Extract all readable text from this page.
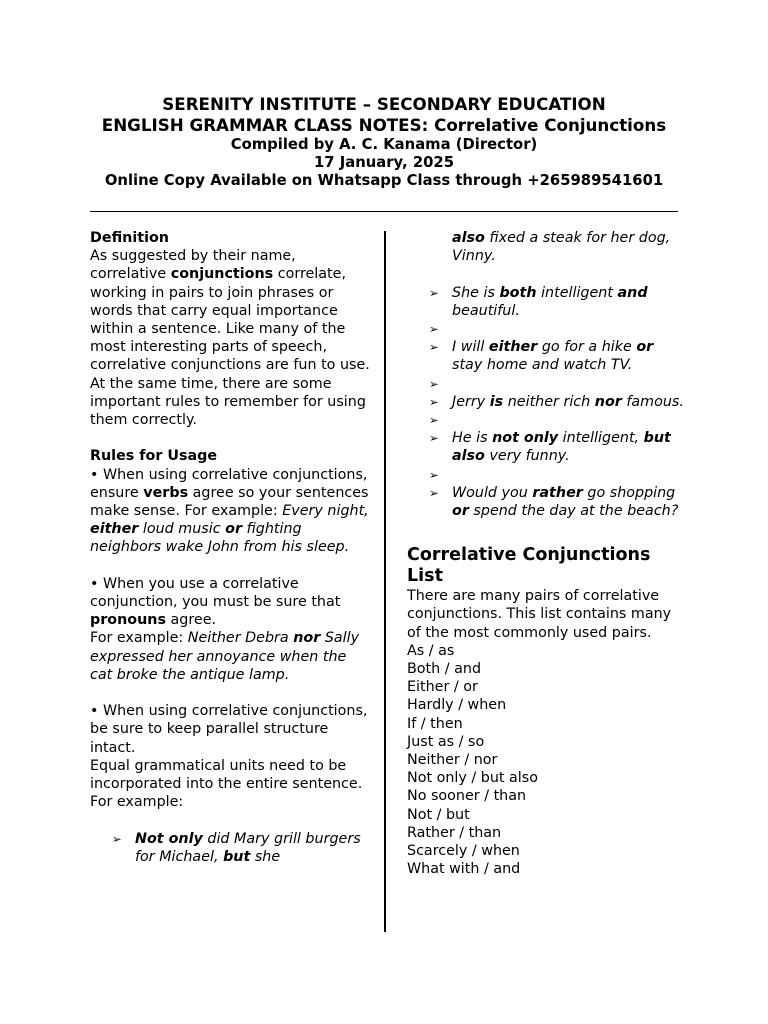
SERENITY INSTITUTE – SECONDARY EDUCATION
ENGLISH GRAMMAR CLASS NOTES: Correlative Conjunctions
Compiled by A. C. Kanama (Director)
17 January, 2025
Online Copy Available on Whatsapp Class through +265989541601
Definition

As suggested by their name, correlative conjunctions correlate, working in pairs to join phrases or words that carry equal importance within a sentence. Like many of the most interesting parts of speech, correlative conjunctions are fun to use. At the same time, there are some important rules to remember for using them correctly.

Rules for Usage

• When using correlative conjunctions, ensure verbs agree so your sentences make sense. For example: Every night, either loud music or fighting neighbors wake John from his sleep.

• When you use a correlative conjunction, you must be sure that pronouns agree.

For example: Neither Debra nor Sally expressed her annoyance when the cat broke the antique lamp.

• When using correlative conjunctions, be sure to keep parallel structure intact.

Equal grammatical units need to be incorporated into the entire sentence. For example:

➢ Not only did Mary grill burgers for Michael, but she
also fixed a steak for her dog, Vinny.
➢ She is both intelligent and beautiful.
➢
➢ I will either go for a hike or stay home and watch TV.
➢
➢ Jerry is neither rich nor famous.
➢
➢ He is not only intelligent, but also very funny.
➢
➢ Would you rather go shopping or spend the day at the beach?
Correlative Conjunctions List

There are many pairs of correlative conjunctions. This list contains many of the most commonly used pairs.

As / as
Both / and
Either / or
Hardly / when
If / then
Just as / so
Neither / nor
Not only / but also
No sooner / than
Not / but
Rather / than
Scarcely / when
What with / and
